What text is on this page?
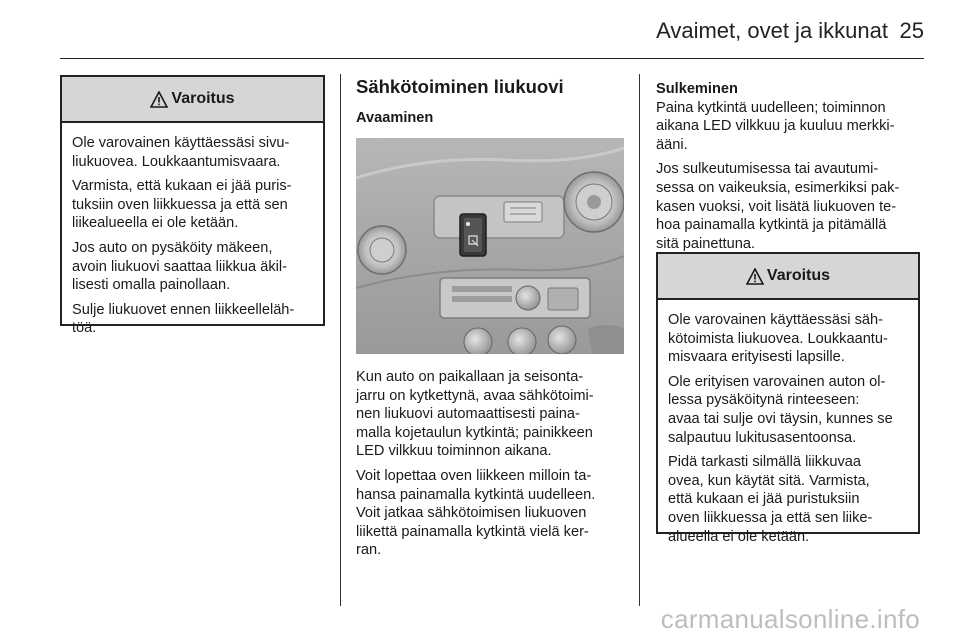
Avaimet, ovet ja ikkunat 25
Varoitus

Ole varovainen käyttäessäsi sivu-
liukuovea. Loukkaantumisvaara.

Varmista, että kukaan ei jää puris-
tuksiin oven liikkuessa ja että sen
liikealueella ei ole ketään.

Jos auto on pysäköity mäkeen,
avoin liukuovi saattaa liikkua äkil-
lisesti omalla painollaan.

Sulje liukuovet ennen liikkeelleläh-
töä.

Sähkötoiminen liukuovi
Avaaminen

Kun auto on paikallaan ja seisonta-
jarru on kytkettynä, avaa sähkötoimi-
nen liukuovi automaattisesti paina-
malla kojetaulun kytkintä; painikkeen
LED vilkkuu toiminnon aikana.

Voit lopettaa oven liikkeen milloin ta-
hansa painamalla kytkintä uudelleen.
Voit jatkaa sähkötoimisen liukuoven
liikettä painamalla kytkintä vielä ker-
ran.

Sulkeminen
Paina kytkintä uudelleen; toiminnon
aikana LED vilkkuu ja kuuluu merkki-
ääni.

Jos sulkeutumisessa tai avautumi-
sessa on vaikeuksia, esimerkiksi pak-
kasen vuoksi, voit lisätä liukuoven te-
hoa painamalla kytkintä ja pitämällä
sitä painettuna.

Varoitus

Ole varovainen käyttäessäsi säh-
kötoimista liukuovea. Loukkaantu-
misvaara erityisesti lapsille.

Ole erityisen varovainen auton ol-
lessa pysäköitynä rinteeseen:
avaa tai sulje ovi täysin, kunnes se
salpautuu lukitusasentoonsa.

Pidä tarkasti silmällä liikkuvaa
ovea, kun käytät sitä. Varmista,
että kukaan ei jää puristuksiin
oven liikkuessa ja että sen liike-
alueella ei ole ketään.

carmanualsonline.info
